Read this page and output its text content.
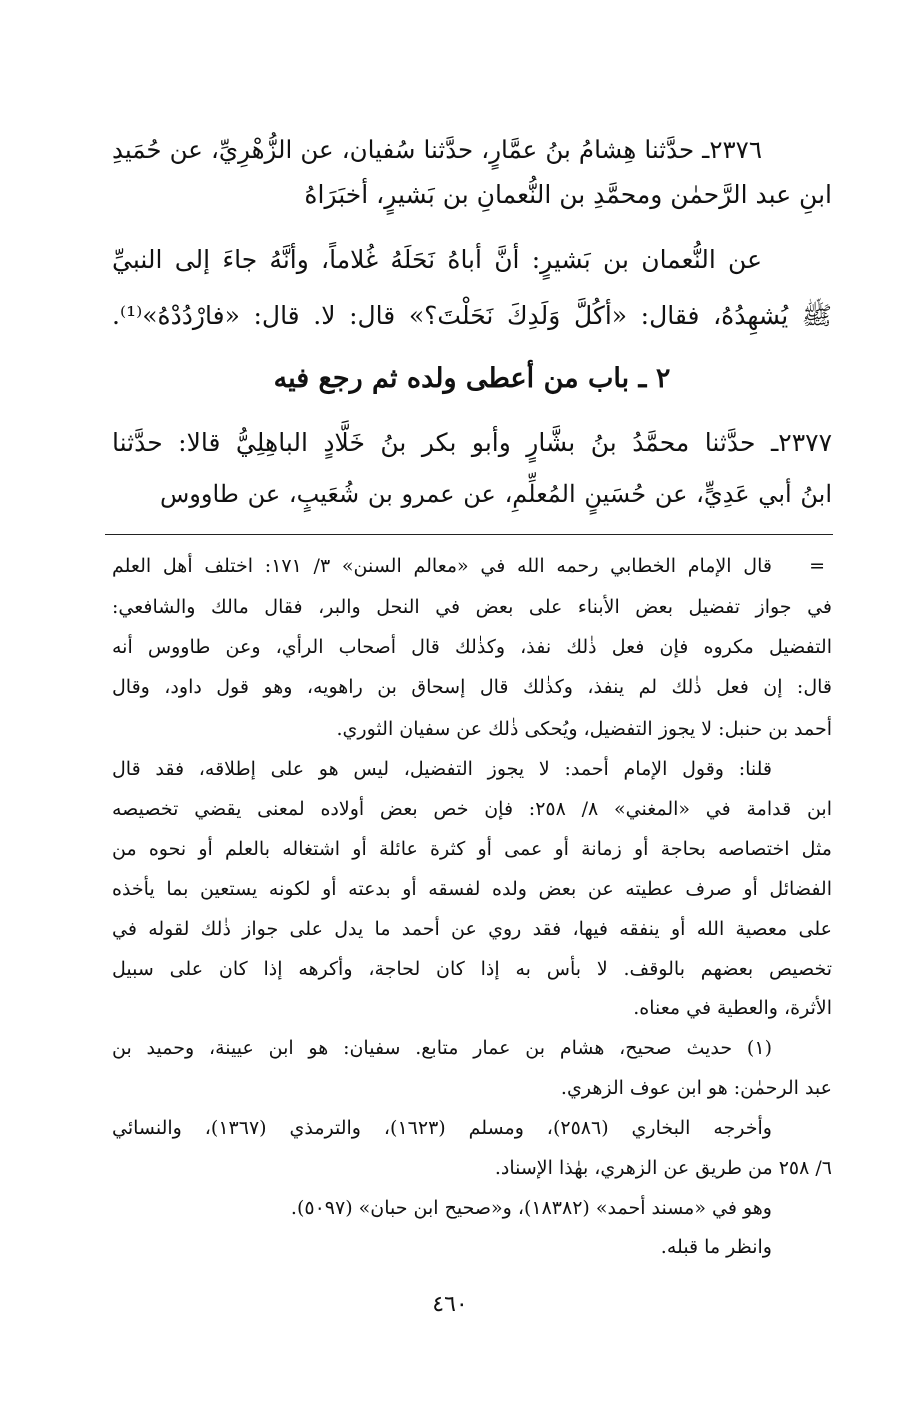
٢٣٧٦ـ حدَّثنا هِشامُ بنُ عمَّارٍ، حدَّثنا سُفيان، عن الزُّهْرِيِّ، عن حُمَيدِ
ابنِ عبد الرَّحمٰن ومحمَّدِ بن النُّعمانِ بن بَشيرٍ، أخبَرَاهُ
عن النُّعمان بن بَشيرٍ: أنَّ أباهُ نَحَلَهُ غُلاماً، وأنَّهُ جاءَ إلى النبيِّ
ﷺ يُشهِدُهُ، فقال: «أكُلَّ وَلَدِكَ نَحَلْتَ؟» قال: لا. قال: «فارْدُدْهُ»⁽¹⁾.
٢ ـ باب من أعطى ولده ثم رجع فيه
٢٣٧٧ـ حدَّثنا محمَّدُ بنُ بشَّارٍ وأبو بكر بنُ خَلَّادٍ الباهِلِيُّ قالا: حدَّثنا
ابنُ أبي عَدِيٍّ، عن حُسَينٍ المُعلِّمِ، عن عمرو بن شُعَيبٍ، عن طاووس
=
قال الإمام الخطابي رحمه الله في «معالم السنن» ٣/ ١٧١: اختلف أهل العلم
في جواز تفضيل بعض الأبناء على بعض في النحل والبر، فقال مالك والشافعي:
التفضيل مكروه فإن فعل ذٰلك نفذ، وكذٰلك قال أصحاب الرأي، وعن طاووس أنه
قال: إن فعل ذٰلك لم ينفذ، وكذٰلك قال إسحاق بن راهويه، وهو قول داود، وقال
أحمد بن حنبل: لا يجوز التفضيل، ويُحكى ذٰلك عن سفيان الثوري.
قلنا: وقول الإمام أحمد: لا يجوز التفضيل، ليس هو على إطلاقه، فقد قال
ابن قدامة في «المغني» ٨/ ٢٥٨: فإن خص بعض أولاده لمعنى يقضي تخصيصه
مثل اختصاصه بحاجة أو زمانة أو عمى أو كثرة عائلة أو اشتغاله بالعلم أو نحوه من
الفضائل أو صرف عطيته عن بعض ولده لفسقه أو بدعته أو لكونه يستعين بما يأخذه
على معصية الله أو ينفقه فيها، فقد روي عن أحمد ما يدل على جواز ذٰلك لقوله في
تخصيص بعضهم بالوقف. لا بأس به إذا كان لحاجة، وأكرهه إذا كان على سبيل
الأثرة، والعطية في معناه.
(١) حديث صحيح، هشام بن عمار متابع. سفيان: هو ابن عيينة، وحميد بن
عبد الرحمٰن: هو ابن عوف الزهري.
وأخرجه البخاري (٢٥٨٦)، ومسلم (١٦٢٣)، والترمذي (١٣٦٧)، والنسائي
٦/ ٢٥٨ من طريق عن الزهري، بهٰذا الإسناد.
وهو في «مسند أحمد» (١٨٣٨٢)، و«صحيح ابن حبان» (٥٠٩٧).
وانظر ما قبله.
٤٦٠
